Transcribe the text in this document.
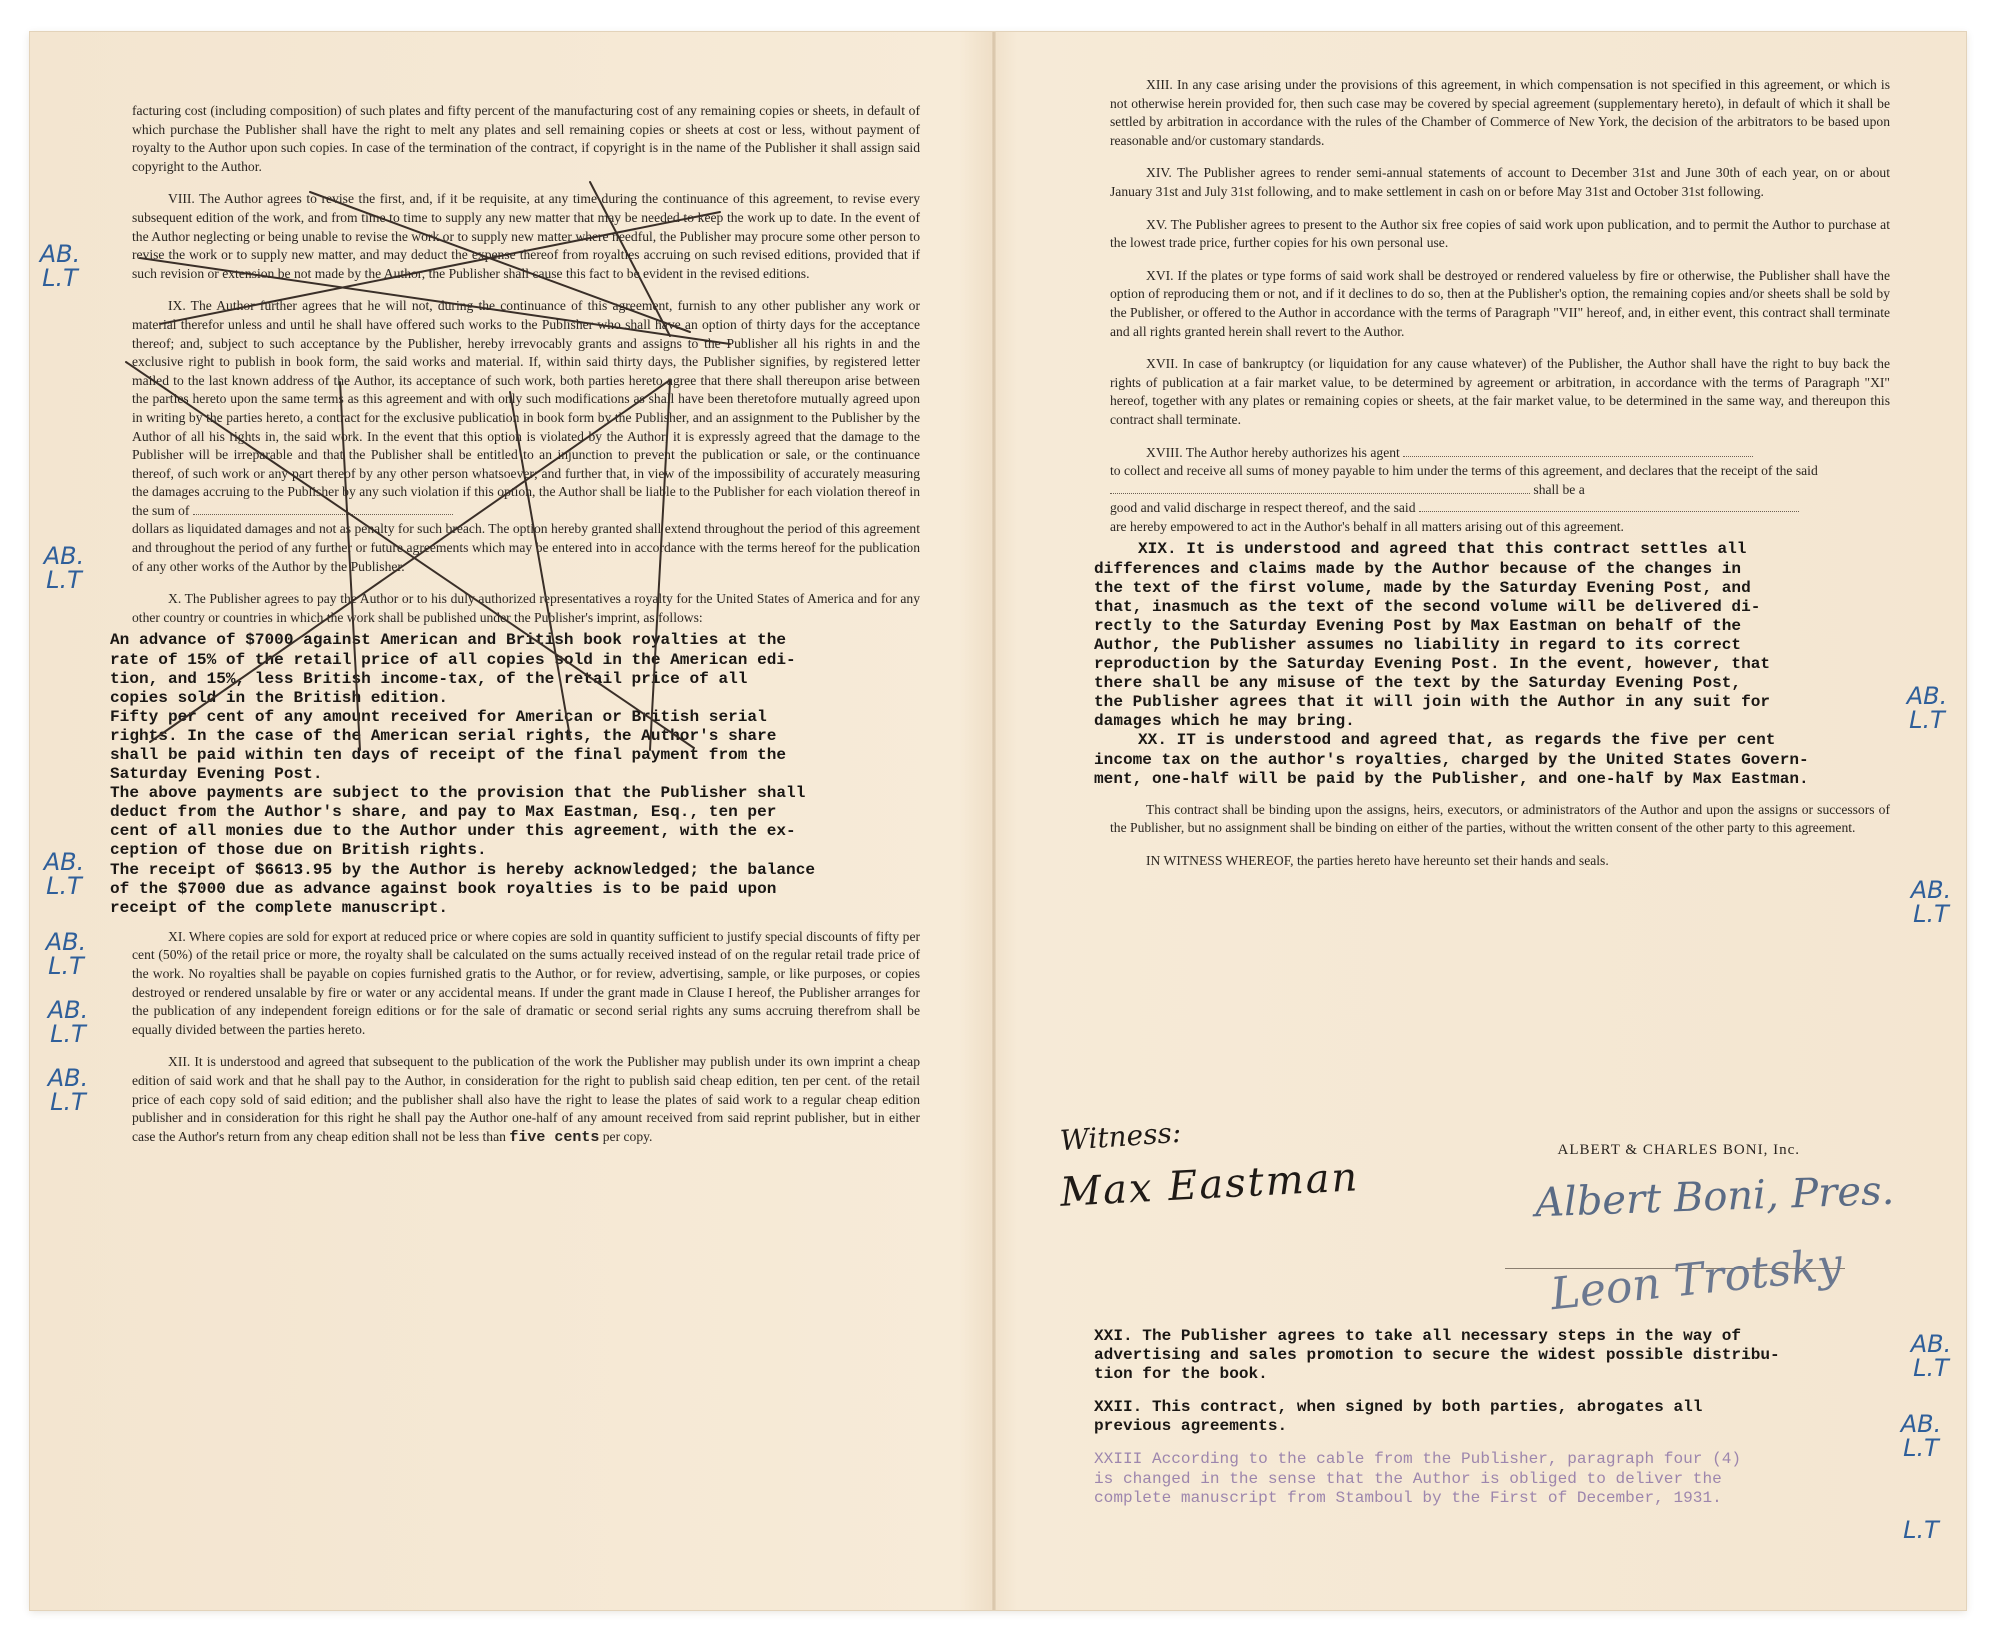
facturing cost (including composition) of such plates and fifty percent of the manufacturing cost of any remaining copies or sheets, in default of which purchase the Publisher shall have the right to melt any plates and sell remaining copies or sheets at cost or less, without payment of royalty to the Author upon such copies. In case of the termination of the contract, if copyright is in the name of the Publisher it shall assign said copyright to the Author.

VIII. The Author agrees to revise the first, and, if it be requisite, at any time during the continuance of this agreement, to revise every subsequent edition of the work, and from time to time to supply any new matter that may be needed to keep the work up to date. In the event of the Author neglecting or being unable to revise the work or to supply new matter where needful, the Publisher may procure some other person to revise the work or to supply new matter, and may deduct the expense thereof from royalties accruing on such revised editions, provided that if such revision or extension be not made by the Author, the Publisher shall cause this fact to be evident in the revised editions.

IX. The Author further agrees that he will not, during the continuance of this agreement, furnish to any other publisher any work or material therefor unless and until he shall have offered such works to the Publisher who shall have an option of thirty days for the acceptance thereof; and, subject to such acceptance by the Publisher, hereby irrevocably grants and assigns to the Publisher all his rights in and the exclusive right to publish in book form, the said works and material. If, within said thirty days, the Publisher signifies, by registered letter mailed to the last known address of the Author, its acceptance of such work, both parties hereto agree that there shall thereupon arise between the parties hereto upon the same terms as this agreement and with only such modifications as shall have been theretofore mutually agreed upon in writing by the parties hereto, a contract for the exclusive publication in book form by the Publisher, and an assignment to the Publisher by the Author of all his rights in, the said work. In the event that this option is violated by the Author, it is expressly agreed that the damage to the Publisher will be irreparable and that the Publisher shall be entitled to an injunction to prevent the publication or sale, or the continuance thereof, of such work or any part thereof by any other person whatsoever; and further that, in view of the impossibility of accurately measuring the damages accruing to the Publisher by any such violation if this option, the Author shall be liable to the Publisher for each violation thereof in the sum of

dollars as liquidated damages and not as penalty for such breach. The option hereby granted shall extend throughout the period of this agreement and throughout the period of any further or future agreements which may be entered into in accordance with the terms hereof for the publication of any other works of the Author by the Publisher.

X. The Publisher agrees to pay the Author or to his duly authorized representatives a royalty for the United States of America and for any other country or countries in which the work shall be published under the Publisher's imprint, as follows:

An advance of $7000 against American and British book royalties at the
rate of 15% of the retail price of all copies sold in the American edi-
tion, and 15%, less British income-tax, of the retail price of all
copies sold in the British edition.

Fifty per cent of any amount received for American or British serial
rights. In the case of the American serial rights, the Author's share
shall be paid within ten days of receipt of the final payment from the
Saturday Evening Post.

The above payments are subject to the provision that the Publisher shall
deduct from the Author's share, and pay to Max Eastman, Esq., ten per
cent of all monies due to the Author under this agreement, with the ex-
ception of those due on British rights.

The receipt of $6613.95 by the Author is hereby acknowledged; the balance
of the $7000 due as advance against book royalties is to be paid upon
receipt of the complete manuscript.

XI. Where copies are sold for export at reduced price or where copies are sold in quantity sufficient to justify special discounts of fifty per cent (50%) of the retail price or more, the royalty shall be calculated on the sums actually received instead of on the regular retail trade price of the work. No royalties shall be payable on copies furnished gratis to the Author, or for review, advertising, sample, or like purposes, or copies destroyed or rendered unsalable by fire or water or any accidental means. If under the grant made in Clause I hereof, the Publisher arranges for the publication of any independent foreign editions or for the sale of dramatic or second serial rights any sums accruing therefrom shall be equally divided between the parties hereto.

XII. It is understood and agreed that subsequent to the publication of the work the Publisher may publish under its own imprint a cheap edition of said work and that he shall pay to the Author, in consideration for the right to publish said cheap edition, ten per cent. of the retail price of each copy sold of said edition; and the publisher shall also have the right to lease the plates of said work to a regular cheap edition publisher and in consideration for this right he shall pay the Author one-half of any amount received from said reprint publisher, but in either case the Author's return from any cheap edition shall not be less than five cents per copy.

XIII. In any case arising under the provisions of this agreement, in which compensation is not specified in this agreement, or which is not otherwise herein provided for, then such case may be covered by special agreement (supplementary hereto), in default of which it shall be settled by arbitration in accordance with the rules of the Chamber of Commerce of New York, the decision of the arbitrators to be based upon reasonable and/or customary standards.

XIV. The Publisher agrees to render semi-annual statements of account to December 31st and June 30th of each year, on or about January 31st and July 31st following, and to make settlement in cash on or before May 31st and October 31st following.

XV. The Publisher agrees to present to the Author six free copies of said work upon publication, and to permit the Author to purchase at the lowest trade price, further copies for his own personal use.

XVI. If the plates or type forms of said work shall be destroyed or rendered valueless by fire or otherwise, the Publisher shall have the option of reproducing them or not, and if it declines to do so, then at the Publisher's option, the remaining copies and/or sheets shall be sold by the Publisher, or offered to the Author in accordance with the terms of Paragraph "VII" hereof, and, in either event, this contract shall terminate and all rights granted herein shall revert to the Author.

XVII. In case of bankruptcy (or liquidation for any cause whatever) of the Publisher, the Author shall have the right to buy back the rights of publication at a fair market value, to be determined by agreement or arbitration, in accordance with the terms of Paragraph "XI" hereof, together with any plates or remaining copies or sheets, at the fair market value, to be determined in the same way, and thereupon this contract shall terminate.

XVIII. The Author hereby authorizes his agent
to collect and receive all sums of money payable to him under the terms of this agreement, and declares that the receipt of the said
shall be a
good and valid discharge in respect thereof, and the said
are hereby empowered to act in the Author's behalf in all matters arising out of this agreement.

XIX. It is understood and agreed that this contract settles all
differences and claims made by the Author because of the changes in
the text of the first volume, made by the Saturday Evening Post, and
that, inasmuch as the text of the second volume will be delivered di-
rectly to the Saturday Evening Post by Max Eastman on behalf of the
Author, the Publisher assumes no liability in regard to its correct
reproduction by the Saturday Evening Post. In the event, however, that
there shall be any misuse of the text by the Saturday Evening Post,
the Publisher agrees that it will join with the Author in any suit for
damages which he may bring.

XX. IT is understood and agreed that, as regards the five per cent
income tax on the author's royalties, charged by the United States Govern-
ment, one-half will be paid by the Publisher, and one-half by Max Eastman.

This contract shall be binding upon the assigns, heirs, executors, or administrators of the Author and upon the assigns or successors of the Publisher, but no assignment shall be binding on either of the parties, without the written consent of the other party to this agreement.

IN WITNESS WHEREOF, the parties hereto have hereunto set their hands and seals.

ALBERT & CHARLES BONI, Inc.
Witness:
Max Eastman	Albert Boni, Pres.
Leon Trotsky

XXI. The Publisher agrees to take all necessary steps in the way of
advertising and sales promotion to secure the widest possible distribu-
tion for the book.

XXII. This contract, when signed by both parties, abrogates all
previous agreements.

XXIII According to the cable from the Publisher, paragraph four (4)
is changed in the sense that the Author is obliged to deliver the
complete manuscript from Stamboul by the First of December, 1931.

AB.
L.T
AB.
L.T
AB.
L.T
AB.
L.T
AB.
L.T
AB.
L.T
AB.
L.T
AB.
L.T
AB.
L.T
AB.
L.T
L.T
